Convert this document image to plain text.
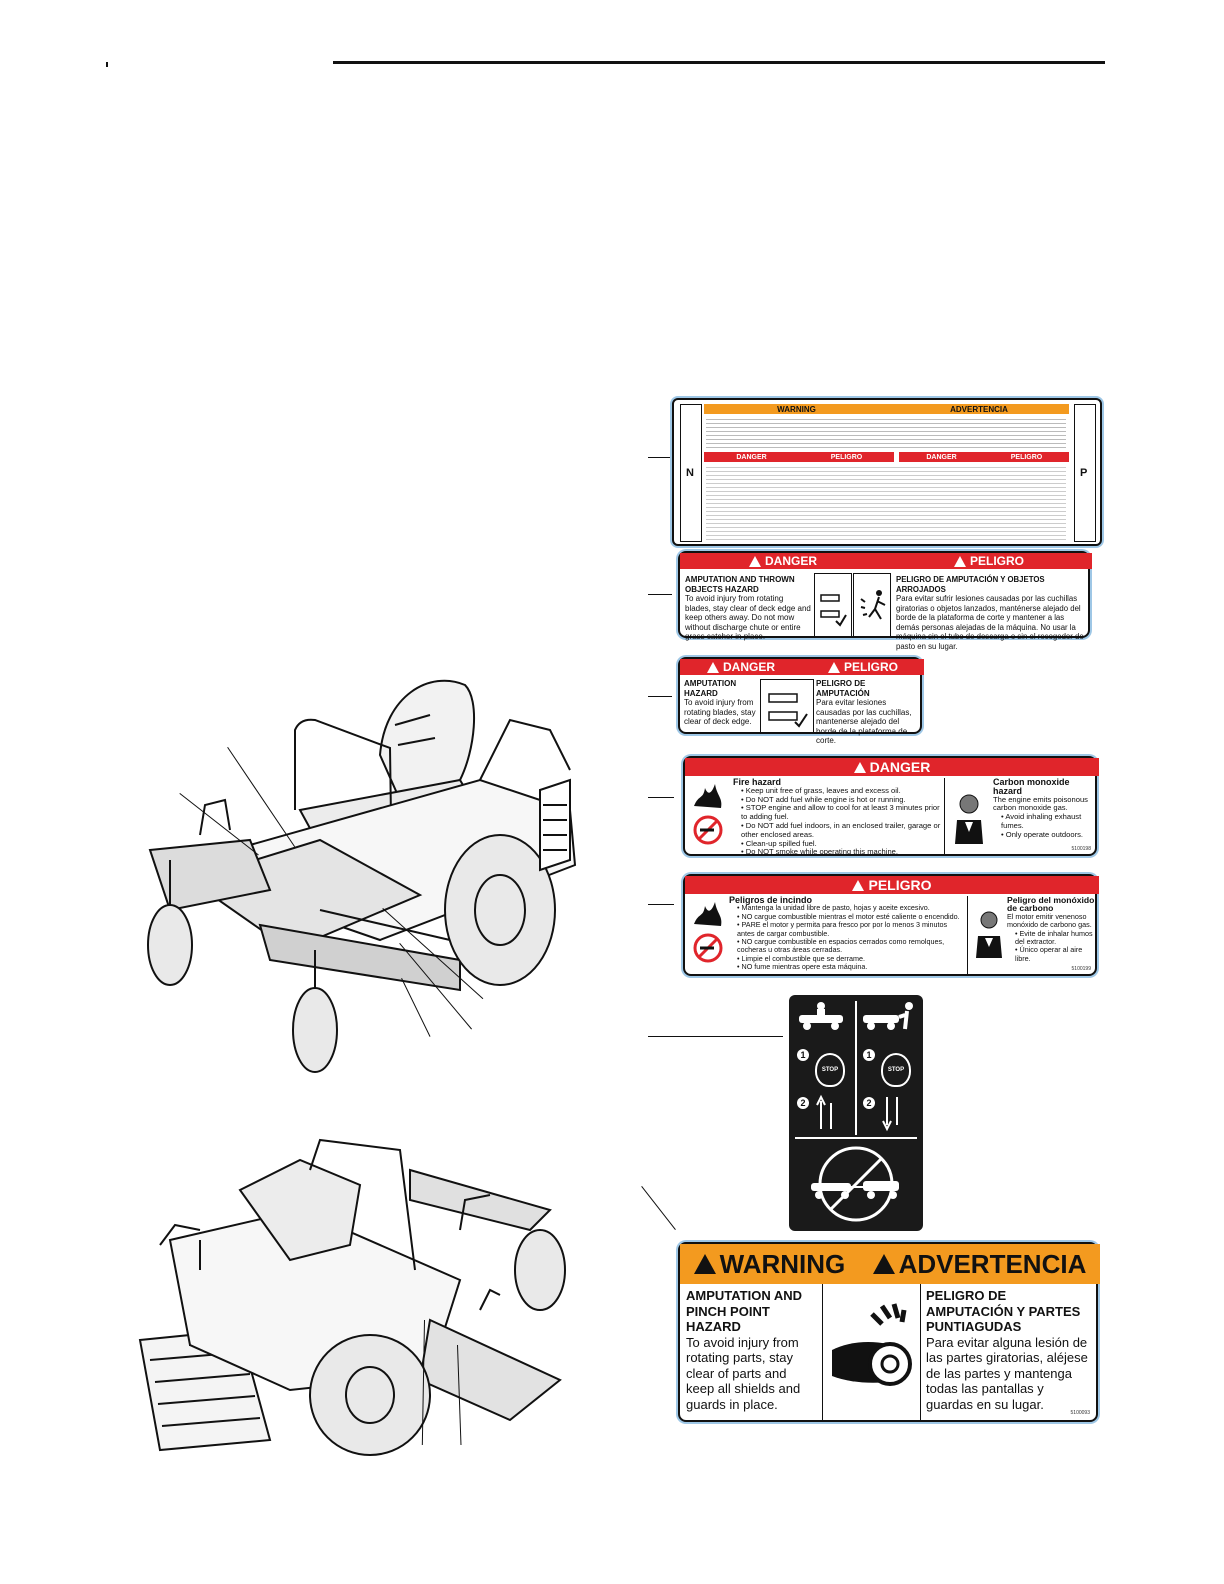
N	P
WARNING	ADVERTENCIA
DANGER	PELIGRO	DANGER	PELIGRO
DANGER	PELIGRO
AMPUTATION AND THROWN OBJECTS HAZARD
To avoid injury from rotating blades, stay clear of deck edge and keep others away. Do not mow without discharge chute or entire grass catcher in place.
PELIGRO DE AMPUTACIÓN Y OBJETOS ARROJADOS
Para evitar sufrir lesiones causadas por las cuchillas giratorias o objetos lanzados, manténerse alejado del borde de la plataforma de corte y mantener a las demás personas alejadas de la máquina. No usar la máquina sin el tubo de descarga o sin el recogedor de pasto en su lugar.
DANGER	PELIGRO
AMPUTATION HAZARD
To avoid injury from rotating blades, stay clear of deck edge.
PELIGRO DE AMPUTACIÓN
Para evitar lesiones causadas por las cuchillas, mantenerse alejado del borde de la plataforma de corte.
DANGER
Fire hazard
• Keep unit free of grass, leaves and excess oil.
• Do NOT add fuel while engine is hot or running.
• STOP engine and allow to cool for at least 3 minutes prior to adding fuel.
• Do NOT add fuel indoors, in an enclosed trailer, garage or other enclosed areas.
• Clean-up spilled fuel.
• Do NOT smoke while operating this machine.
Carbon monoxide hazard
The engine emits poisonous carbon monoxide gas.
• Avoid inhaling exhaust fumes.
• Only operate outdoors.
5100198
PELIGRO
Peligros de incindo
• Mantenga la unidad libre de pasto, hojas y aceite excesivo.
• NO cargue combustible mientras el motor esté caliente o encendido.
• PARE el motor y permita para fresco por por lo menos 3 minutos antes de cargar combustible.
• NO cargue combustible en espacios cerrados como remolques, cocheras u otras áreas cerradas.
• Limpie el combustible que se derrame.
• NO fume mientras opere esta máquina.
Peligro del monóxido de carbono
El motor emitir venenoso monóxido de carbono gas.
• Evite de inhalar humos del extractor.
• Único operar al aire libre.
5100199
1	1
STOP	STOP
2	2
WARNING	ADVERTENCIA
AMPUTATION AND PINCH POINT HAZARD
To avoid injury from rotating parts, stay clear of parts and keep all shields and guards in place.
PELIGRO DE AMPUTACIÓN Y PARTES PUNTIAGUDAS
Para evitar alguna lesión de las partes giratorias, aléjese de las partes y mantenga todas las pantallas y guardas en su lugar.
5100093
